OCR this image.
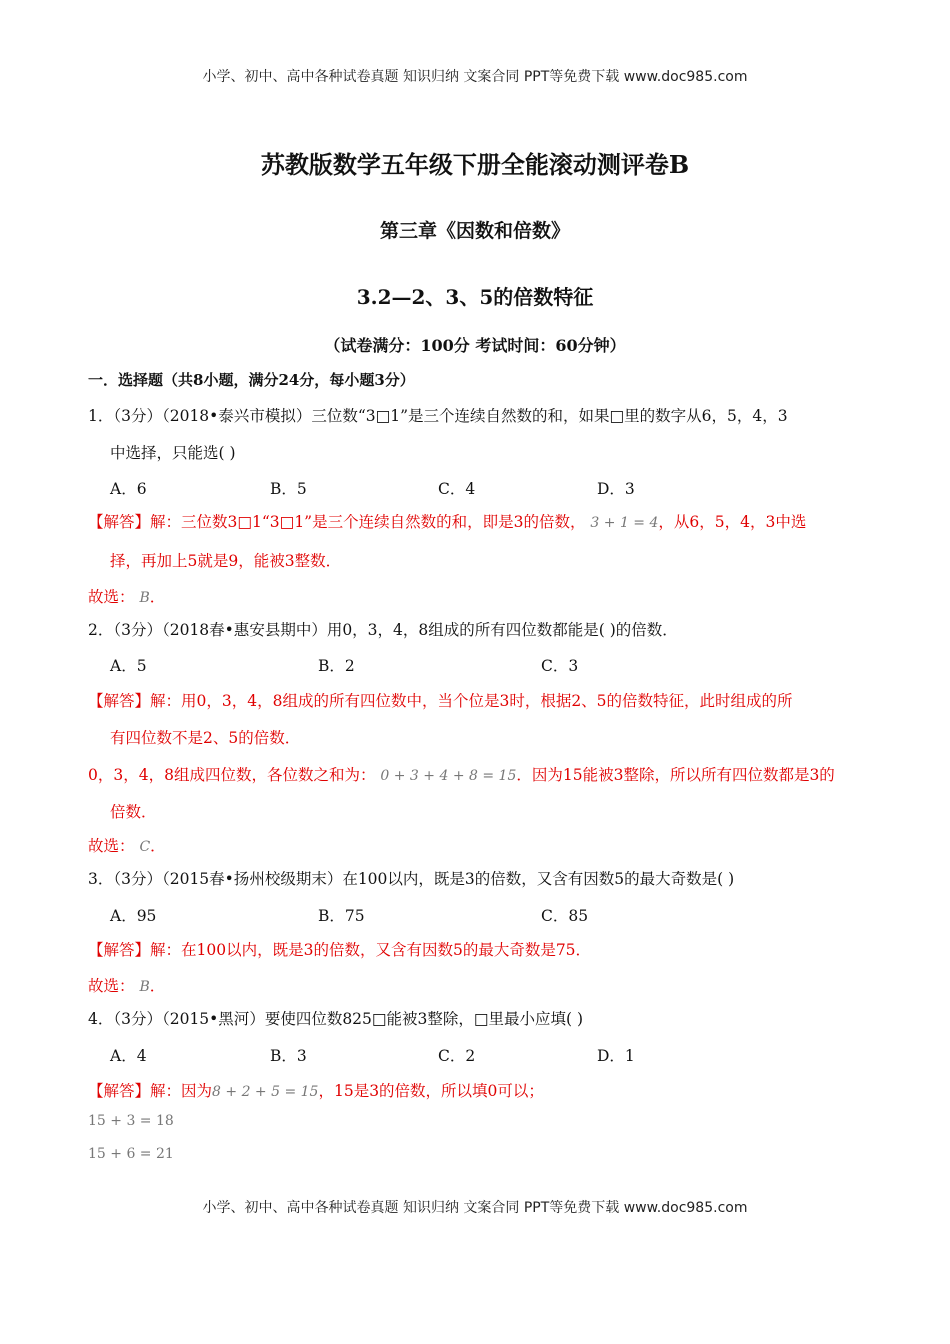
小学、初中、高中各种试卷真题 知识归纳 文案合同 PPT等免费下载 www.doc985.com
苏教版数学五年级下册全能滚动测评卷B
第三章《因数和倍数》
3.2—2、3、5的倍数特征
（试卷满分：100分 考试时间：60分钟）
一．选择题（共8小题，满分24分，每小题3分）
1．（3分）（2018•泰兴市模拟）三位数“3□1”是三个连续自然数的和，如果□里的数字从6，5，4，3
中选择，只能选( )
A．6	B．5	C．4	D．3
【解答】解：三位数3□1“3□1”是三个连续自然数的和，即是3的倍数， 3 + 1 = 4，从6，5，4，3中选
择，再加上5就是9，能被3整数．
故选： B．
2．（3分）（2018春•惠安县期中）用0，3，4，8组成的所有四位数都能是( )的倍数．
A．5	B．2	C．3
【解答】解：用0，3，4，8组成的所有四位数中，当个位是3时，根据2、5的倍数特征，此时组成的所
有四位数不是2、5的倍数．
0，3，4，8组成四位数，各位数之和为： 0 + 3 + 4 + 8 = 15．因为15能被3整除，所以所有四位数都是3的
倍数．
故选： C．
3．（3分）（2015春•扬州校级期末）在100以内，既是3的倍数，又含有因数5的最大奇数是( )
A．95	B．75	C．85
【解答】解：在100以内，既是3的倍数，又含有因数5的最大奇数是75．
故选： B．
4．（3分）（2015•黑河）要使四位数825□能被3整除，□里最小应填( )
A．4	B．3	C．2	D．1
【解答】解：因为8 + 2 + 5 = 15，15是3的倍数，所以填0可以；
15 + 3 = 18
15 + 6 = 21
小学、初中、高中各种试卷真题 知识归纳 文案合同 PPT等免费下载 www.doc985.com
